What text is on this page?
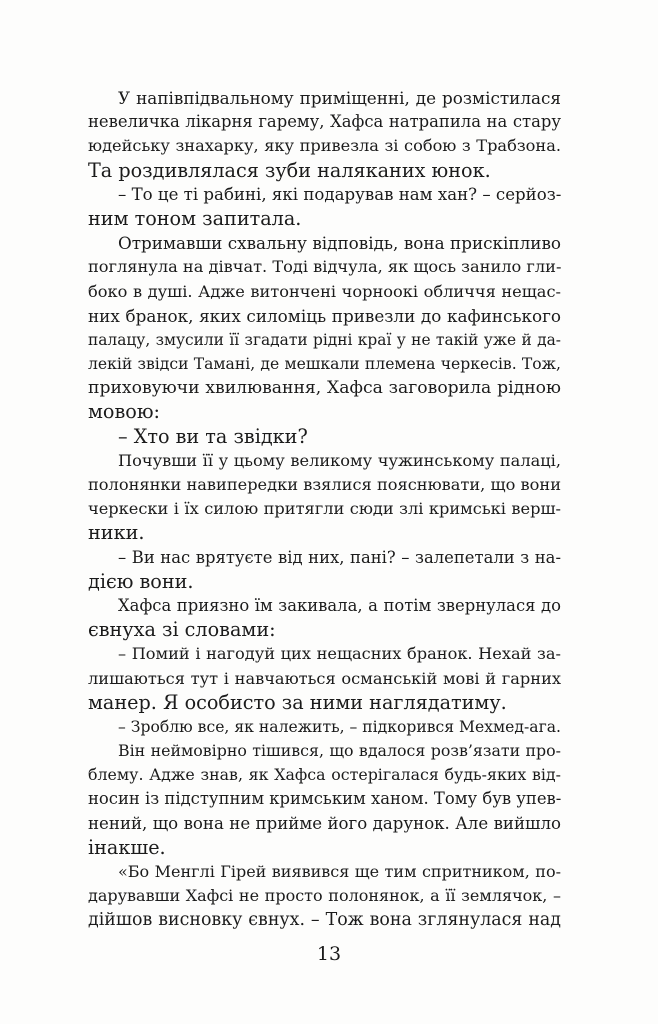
У напівпідвальному приміщенні, де розмістилася
невеличка лікарня гарему, Хафса натрапила на стару
юдейську знахарку, яку привезла зі собою з Трабзона.
Та роздивлялася зуби наляканих юнок.
– То це ті рабині, які подарував нам хан? – серйоз-
ним тоном запитала.
Отримавши схвальну відповідь, вона прискіпливо
поглянула на дівчат. Тоді відчула, як щось занило гли-
боко в душі. Адже витончені чорноокі обличчя нещас-
них бранок, яких силоміць привезли до кафинського
палацу, змусили її згадати рідні краї у не такій уже й да-
лекій звідси Тамані, де мешкали племена черкесів. Тож,
приховуючи хвилювання, Хафса заговорила рідною
мовою:
– Хто ви та звідки?
Почувши її у цьому великому чужинському палаці,
полонянки навипередки взялися пояснювати, що вони
черкески і їх силою притягли сюди злі кримські верш-
ники.
– Ви нас врятуєте від них, пані? – залепетали з на-
дією вони.
Хафса приязно їм закивала, а потім звернулася до
євнуха зі словами:
– Помий і нагодуй цих нещасних бранок. Нехай за-
лишаються тут і навчаються османській мові й гарних
манер. Я особисто за ними наглядатиму.
– Зроблю все, як належить, – підкорився Мехмед-ага.
Він неймовірно тішився, що вдалося розв’язати про-
блему. Адже знав, як Хафса остерігалася будь-яких від-
носин із підступним кримським ханом. Тому був упев-
нений, що вона не прийме його дарунок. Але вийшло
інакше.
«Бо Менглі Гірей виявився ще тим спритником, по-
дарувавши Хафсі не просто полонянок, а її землячок, –
дійшов висновку євнух. – Тож вона зглянулася над
13
